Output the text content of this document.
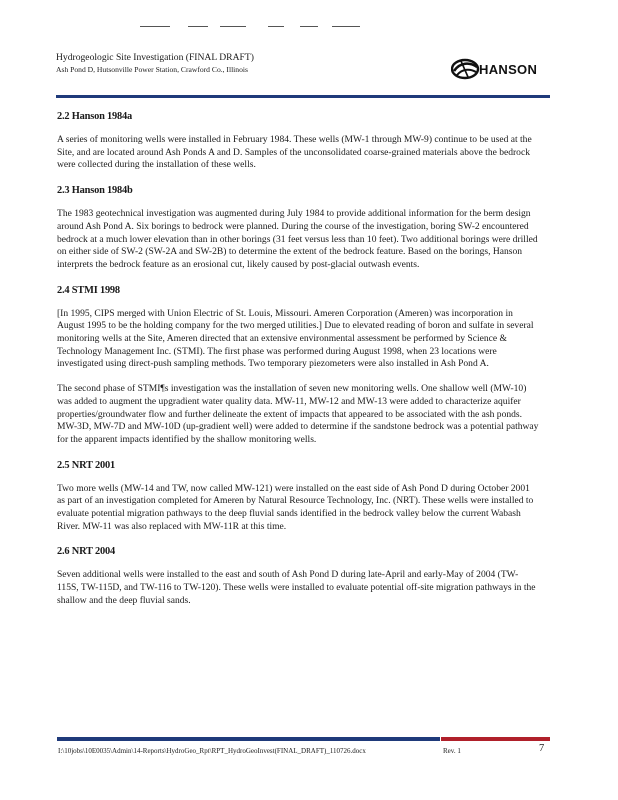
Hydrogeologic Site Investigation (FINAL DRAFT)
Ash Pond D, Hutsonville Power Station, Crawford Co., Illinois	HANSON
2.2 Hanson 1984a

A series of monitoring wells were installed in February 1984. These wells (MW-1 through MW-9) continue to be used at the Site, and are located around Ash Ponds A and D. Samples of the unconsolidated coarse-grained materials above the bedrock were collected during the installation of these wells.

2.3 Hanson 1984b

The 1983 geotechnical investigation was augmented during July 1984 to provide additional information for the berm design around Ash Pond A. Six borings to bedrock were planned. During the course of the investigation, boring SW-2 encountered bedrock at a much lower elevation than in other borings (31 feet versus less than 10 feet). Two additional borings were drilled on either side of SW-2 (SW-2A and SW-2B) to determine the extent of the bedrock feature. Based on the borings, Hanson interprets the bedrock feature as an erosional cut, likely caused by post-glacial outwash events.

2.4 STMI 1998

[In 1995, CIPS merged with Union Electric of St. Louis, Missouri. Ameren Corporation (Ameren) was incorporation in August 1995 to be the holding company for the two merged utilities.] Due to elevated reading of boron and sulfate in several monitoring wells at the Site, Ameren directed that an extensive environmental assessment be performed by Science & Technology Management Inc. (STMI). The first phase was performed during August 1998, when 23 locations were investigated using direct-push sampling methods. Two temporary piezometers were also installed in Ash Pond A.

The second phase of STMI¶s investigation was the installation of seven new monitoring wells. One shallow well (MW-10) was added to augment the upgradient water quality data. MW-11, MW-12 and MW-13 were added to characterize aquifer properties/groundwater flow and further delineate the extent of impacts that appeared to be associated with the ash ponds. MW-3D, MW-7D and MW-10D (up-gradient well) were added to determine if the sandstone bedrock was a potential pathway for the apparent impacts identified by the shallow monitoring wells.

2.5 NRT 2001

Two more wells (MW-14 and TW, now called MW-121) were installed on the east side of Ash Pond D during October 2001 as part of an investigation completed for Ameren by Natural Resource Technology, Inc. (NRT). These wells were installed to evaluate potential migration pathways to the deep fluvial sands identified in the bedrock valley below the current Wabash River. MW-11 was also replaced with MW-11R at this time.

2.6 NRT 2004

Seven additional wells were installed to the east and south of Ash Pond D during late-April and early-May of 2004 (TW-115S, TW-115D, and TW-116 to TW-120). These wells were installed to evaluate potential off-site migration pathways in the shallow and the deep fluvial sands.

I:\10jobs\10E0035\Admin\14-Reports\HydroGeo_Rpt\RPT_HydroGeoInvest(FINAL_DRAFT)_110726.docx	Rev. 1	7
